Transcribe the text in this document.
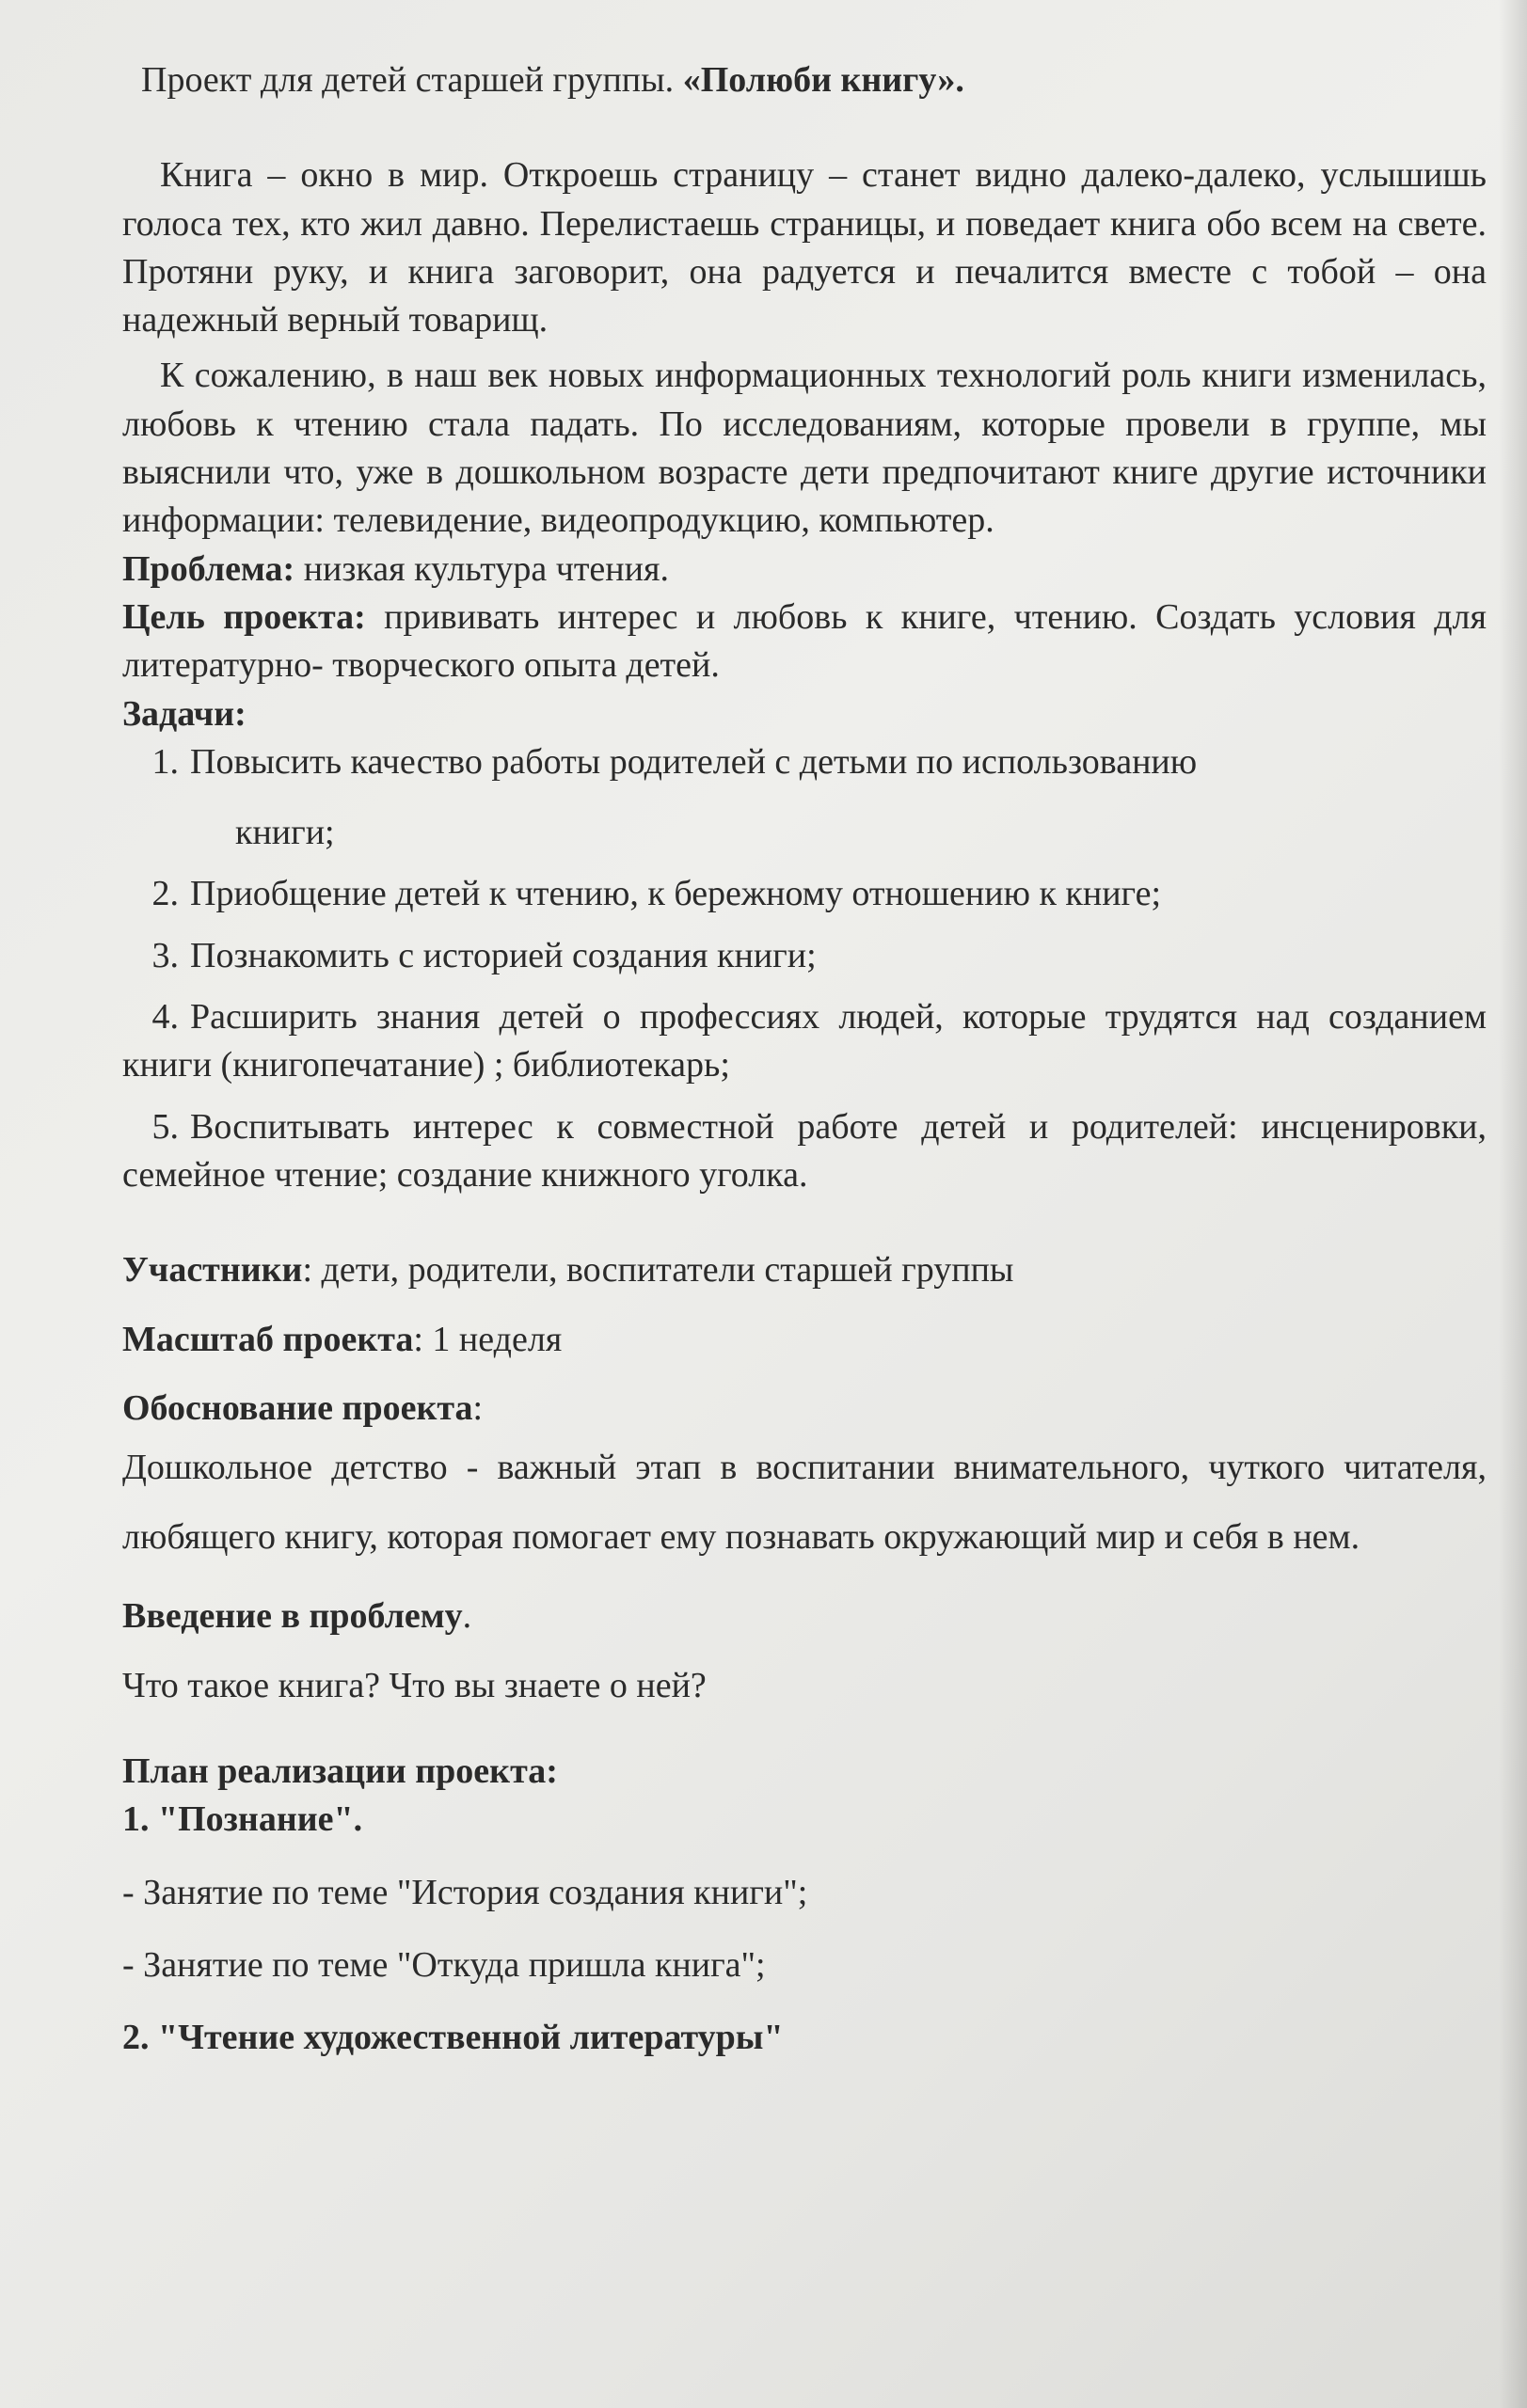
Проект для детей старшей группы. «Полюби книгу».

Книга – окно в мир. Откроешь страницу – станет видно далеко-далеко, услышишь голоса тех, кто жил давно. Перелистаешь страницы, и поведает книга обо всем на свете. Протяни руку, и книга заговорит, она радуется и печалится вместе с тобой – она надежный верный товарищ.

К сожалению, в наш век новых информационных технологий роль книги изменилась, любовь к чтению стала падать. По исследованиям, которые провели в группе, мы выяснили что, уже в дошкольном возрасте дети предпочитают книге другие источники информации: телевидение, видеопродукцию, компьютер.

Проблема: низкая культура чтения.

Цель проекта: прививать интерес и любовь к книге, чтению. Создать условия для литературно- творческого опыта детей.

Задачи:

1. Повысить качество работы родителей с детьми по использованию
книги;
2. Приобщение детей к чтению, к бережному отношению к книге;
3. Познакомить с историей создания книги;
4. Расширить знания детей о профессиях людей, которые трудятся над созданием книги (книгопечатание) ; библиотекарь;
5. Воспитывать интерес к совместной работе детей и родителей: инсценировки, семейное чтение; создание книжного уголка.

Участники: дети, родители, воспитатели старшей группы

Масштаб проекта: 1 неделя

Обоснование проекта:

Дошкольное детство - важный этап в воспитании внимательного, чуткого читателя, любящего книгу, которая помогает ему познавать окружающий мир и себя в нем.

Введение в проблему.

Что такое книга? Что вы знаете о ней?

План реализации проекта:

1. "Познание".

- Занятие по теме "История создания книги";

- Занятие по теме "Откуда пришла книга";

2. "Чтение художественной литературы"
